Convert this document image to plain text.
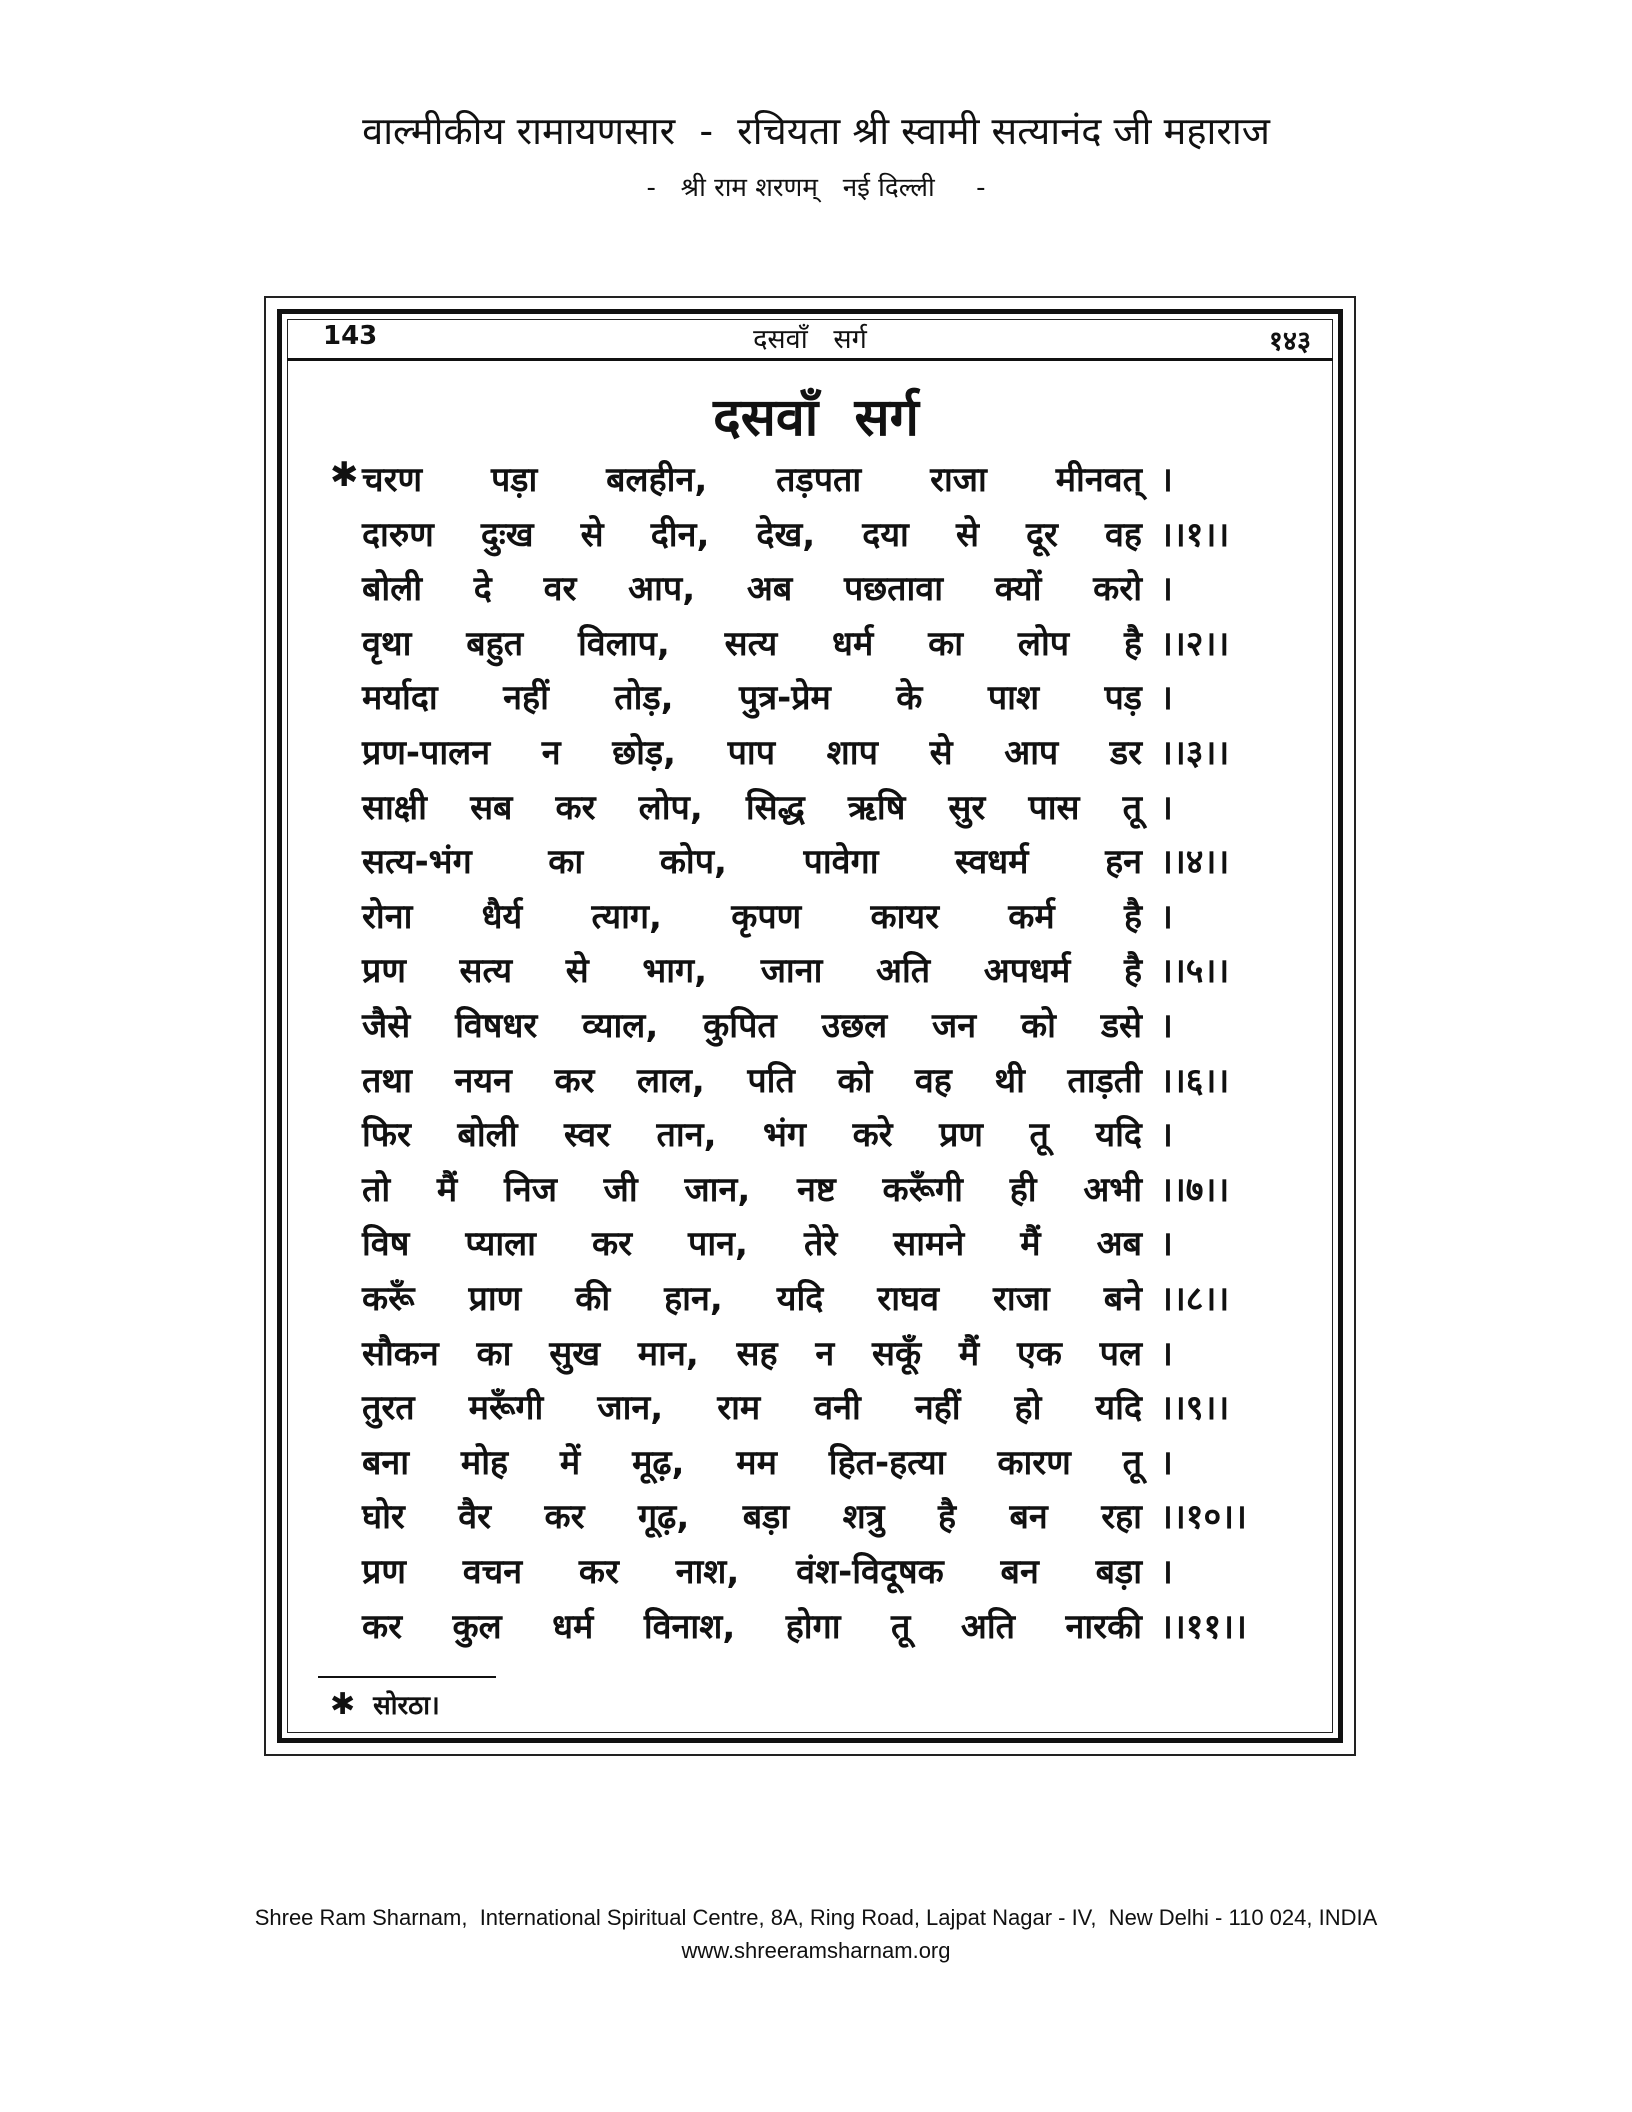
वाल्मीकीय रामायणसार  -  रचियता श्री स्वामी सत्यानंद जी महाराज
-   श्री राम शरणम्   नई दिल्ली     -
143	दसवाँ   सर्ग	१४३
दसवाँ  सर्ग
✱ चरण पड़ा बलहीन, तड़पता राजा मीनवत् ।
दारुण दुःख से दीन, देख, दया से दूर वह ।।१।।
बोली दे वर आप, अब पछतावा क्यों करो ।
वृथा बहुत विलाप, सत्य धर्म का लोप है ।।२।।
मर्यादा नहीं तोड़, पुत्र-प्रेम के पाश पड़ ।
प्रण-पालन न छोड़, पाप शाप से आप डर ।।३।।
साक्षी सब कर लोप, सिद्ध ऋषि सुर पास तू ।
सत्य-भंग का कोप, पावेगा स्वधर्म हन ।।४।।
रोना धैर्य त्याग, कृपण कायर कर्म है ।
प्रण सत्य से भाग, जाना अति अपधर्म है ।।५।।
जैसे विषधर व्याल, कुपित उछल जन को डसे ।
तथा नयन कर लाल, पति को वह थी ताड़ती ।।६।।
फिर बोली स्वर तान, भंग करे प्रण तू यदि ।
तो मैं निज जी जान, नष्ट करूँगी ही अभी ।।७।।
विष प्याला कर पान, तेरे सामने मैं अब ।
करूँ प्राण की हान, यदि राघव राजा बने ।।८।।
सौकन का सुख मान, सह न सकूँ मैं एक पल ।
तुरत मरूँगी जान, राम वनी नहीं हो यदि ।।९।।
बना मोह में मूढ़, मम हित-हत्या कारण तू ।
घोर वैर कर गूढ़, बड़ा शत्रु है बन रहा ।।१०।।
प्रण वचन कर नाश, वंश-विदूषक बन बड़ा ।
कर कुल धर्म विनाश, होगा तू अति नारकी ।।११।।
✱ सोरठा।
Shree Ram Sharnam,  International Spiritual Centre, 8A, Ring Road, Lajpat Nagar - IV,  New Delhi - 110 024, INDIA
www.shreeramsharnam.org
